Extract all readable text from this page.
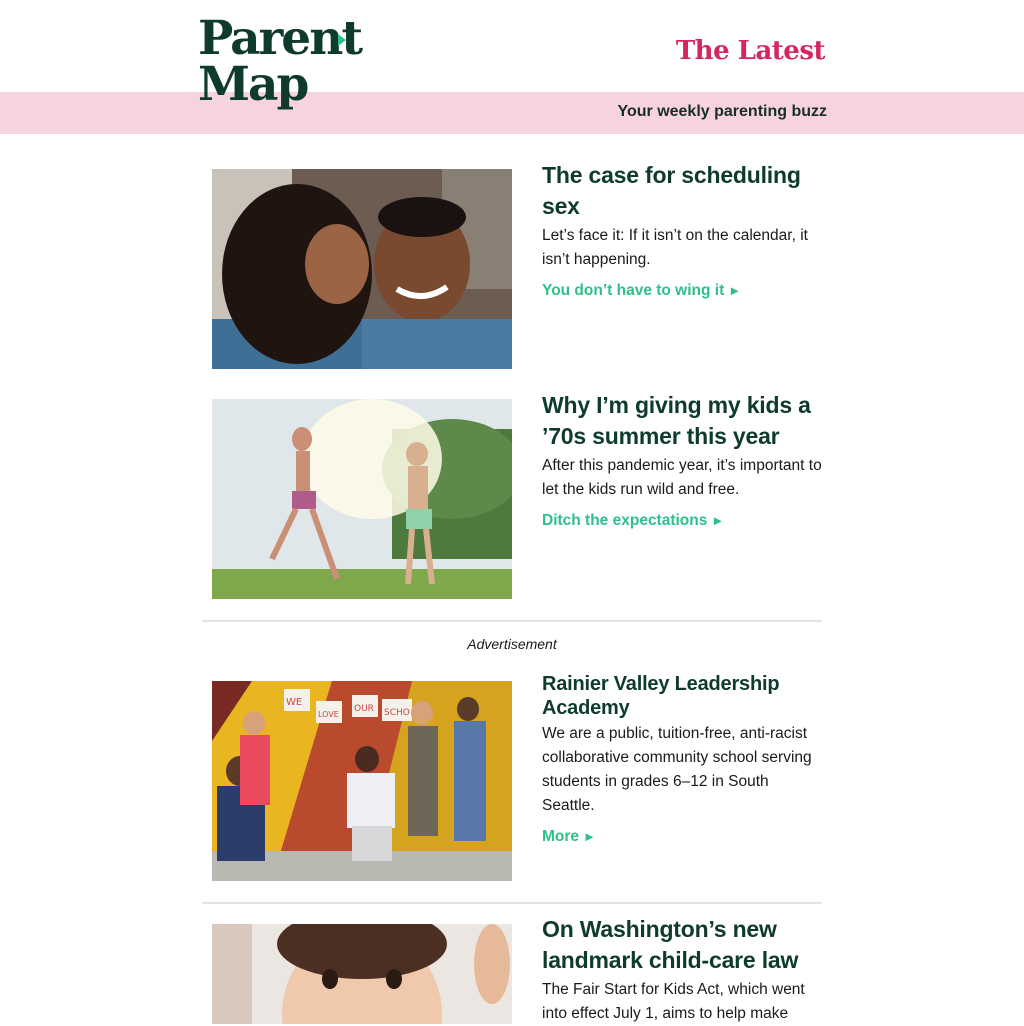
Parent
Map
The Latest
Your weekly parenting buzz
The case for scheduling sex

Let’s face it: If it isn’t on the calendar, it isn’t happening.

You don’t have to wing it ►
Why I’m giving my kids a ’70s summer this year

After this pandemic year, it’s important to let the kids run wild and free.

Ditch the expectations ►
Advertisement
WE
LOVE
OUR SCHO
Rainier Valley Leadership Academy

We are a public, tuition-free, anti-racist collaborative community school serving students in grades 6–12 in South Seattle.

More ►
On Washington’s new landmark child-care law

The Fair Start for Kids Act, which went into effect July 1, aims to help make
